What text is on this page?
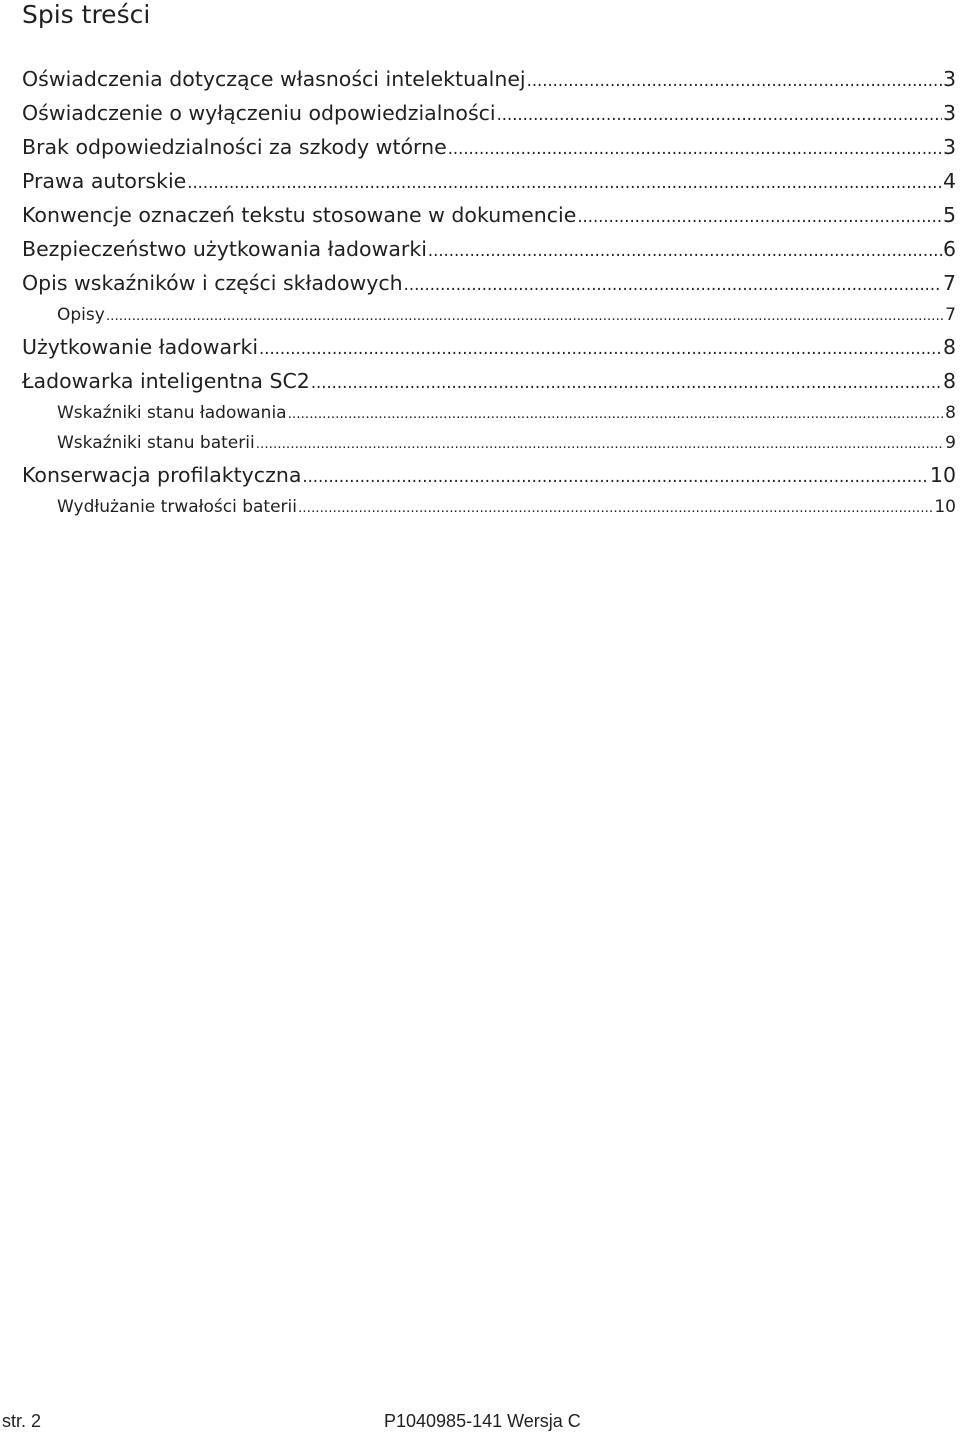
Spis treści
Oświadczenia dotyczące własności intelektualnej .....	3
Oświadczenie o wyłączeniu odpowiedzialności .....	3
Brak odpowiedzialności za szkody wtórne .....	3
Prawa autorskie .....	4
Konwencje oznaczeń tekstu stosowane w dokumencie .....	5
Bezpieczeństwo użytkowania ładowarki .....	6
Opis wskaźników i części składowych .....	7
Opisy .....	7
Użytkowanie ładowarki .....	8
Ładowarka inteligentna SC2 .....	8
Wskaźniki stanu ładowania .....	8
Wskaźniki stanu baterii .....	9
Konserwacja profilaktyczna .....	10
Wydłużanie trwałości baterii .....	10
str. 2	P1040985-141 Wersja C
